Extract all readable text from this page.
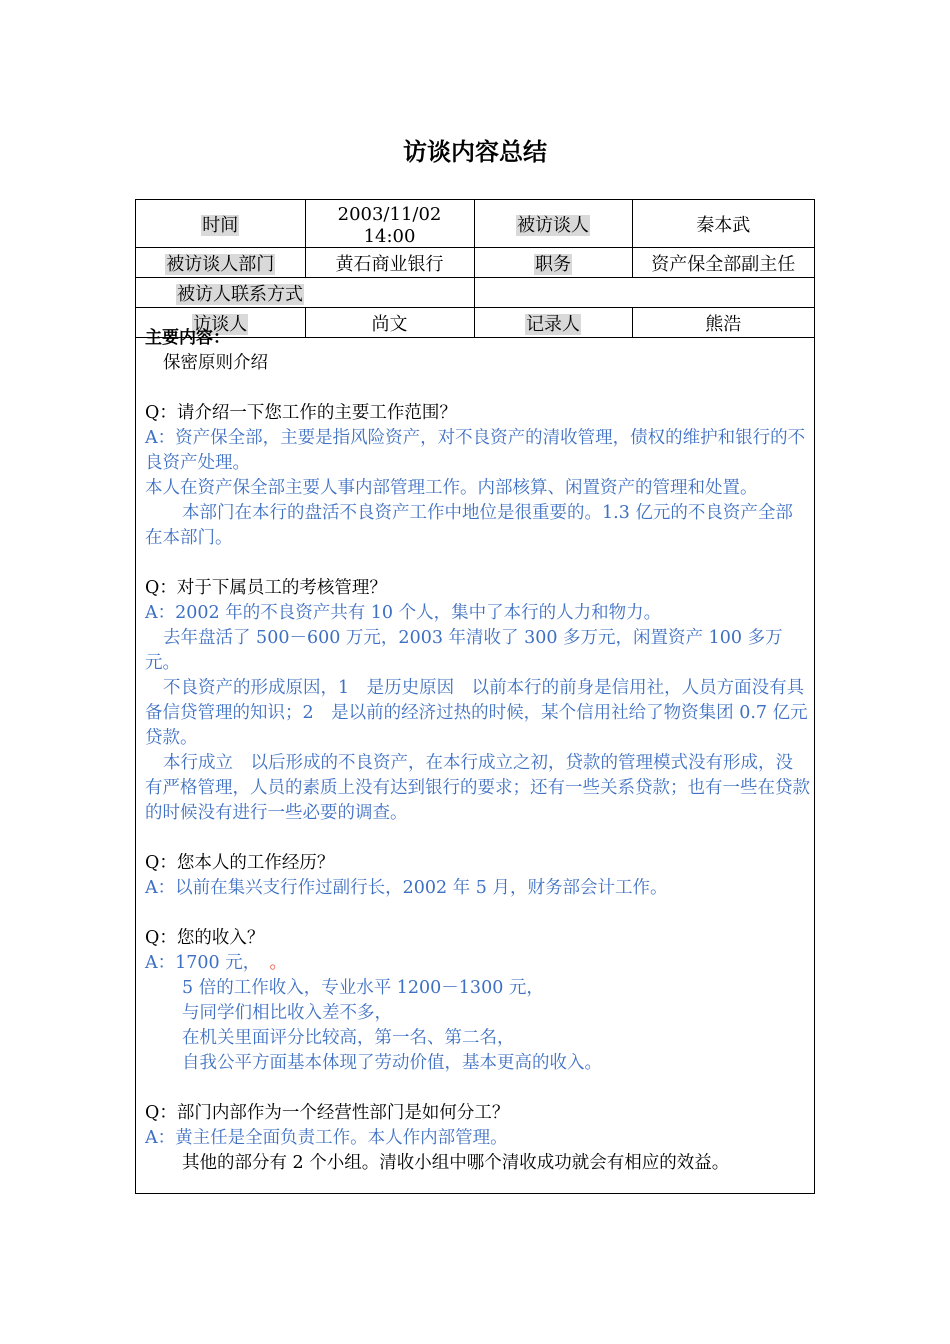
访谈内容总结
时间	2003/11/02　14:00	被访谈人	秦本武
被访谈人部门	黄石商业银行	职务	资产保全部副主任
被访人联系方式			
访谈人	尚文	记录人	熊浩

主要内容：

保密原则介绍

Q：请介绍一下您工作的主要工作范围？

A：资产保全部，主要是指风险资产，对不良资产的清收管理，债权的维护和银行的不良资产处理。

本人在资产保全部主要人事内部管理工作。内部核算、闲置资产的管理和处置。

本部门在本行的盘活不良资产工作中地位是很重要的。1.3 亿元的不良资产全部在本部门。

Q：对于下属员工的考核管理？

A：2002 年的不良资产共有 10 个人，集中了本行的人力和物力。

去年盘活了 500－600 万元，2003 年清收了 300 多万元，闲置资产 100 多万元。

不良资产的形成原因，1　是历史原因　以前本行的前身是信用社，人员方面没有具备信贷管理的知识；2　是以前的经济过热的时候，某个信用社给了物资集团 0.7 亿元贷款。

本行成立　以后形成的不良资产，在本行成立之初，贷款的管理模式没有形成，没有严格管理，人员的素质上没有达到银行的要求；还有一些关系贷款；也有一些在贷款的时候没有进行一些必要的调查。

Q：您本人的工作经历？

A：以前在集兴支行作过副行长，2002 年 5 月，财务部会计工作。

Q：您的收入？

A：1700 元， 。

5 倍的工作收入，专业水平 1200－1300 元，

与同学们相比收入差不多，

在机关里面评分比较高，第一名、第二名，

自我公平方面基本体现了劳动价值，基本更高的收入。

Q：部门内部作为一个经营性部门是如何分工？

A：黄主任是全面负责工作。本人作内部管理。

其他的部分有 2 个小组。清收小组中哪个清收成功就会有相应的效益。
